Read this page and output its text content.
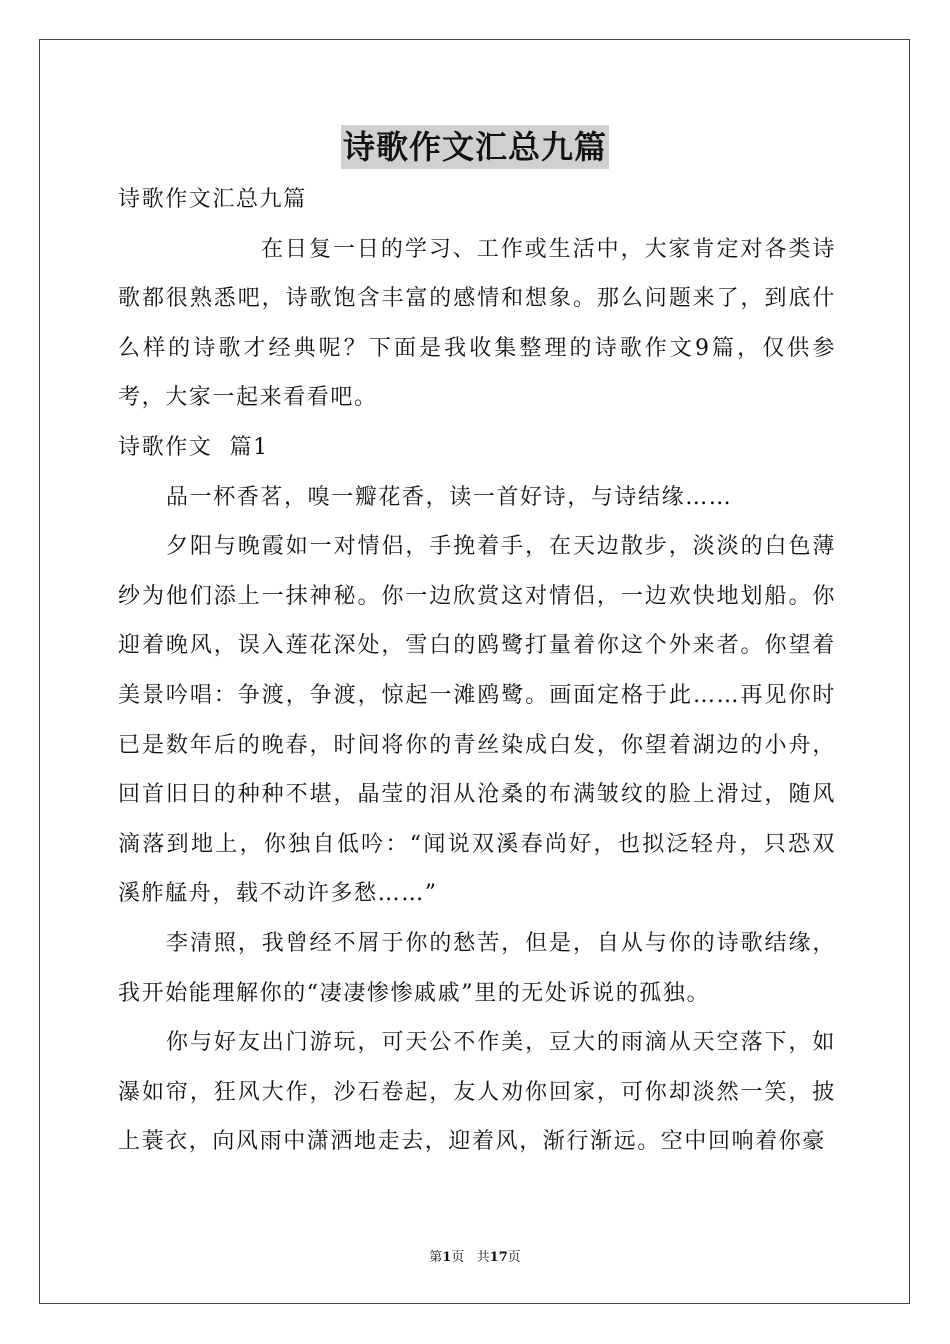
诗歌作文汇总九篇

诗歌作文汇总九篇

在日复一日的学习、工作或生活中，大家肯定对各类诗歌都很熟悉吧，诗歌饱含丰富的感情和想象。那么问题来了，到底什么样的诗歌才经典呢？下面是我收集整理的诗歌作文9篇，仅供参考，大家一起来看看吧。

诗歌作文  篇1

品一杯香茗，嗅一瓣花香，读一首好诗，与诗结缘……

夕阳与晚霞如一对情侣，手挽着手，在天边散步，淡淡的白色薄纱为他们添上一抹神秘。你一边欣赏这对情侣，一边欢快地划船。你迎着晚风，误入莲花深处，雪白的鸥鹭打量着你这个外来者。你望着美景吟唱：争渡，争渡，惊起一滩鸥鹭。画面定格于此……再见你时已是数年后的晚春，时间将你的青丝染成白发，你望着湖边的小舟，回首旧日的种种不堪，晶莹的泪从沧桑的布满皱纹的脸上滑过，随风滴落到地上，你独自低吟：“闻说双溪春尚好，也拟泛轻舟，只恐双溪舴艋舟，载不动许多愁……”

李清照，我曾经不屑于你的愁苦，但是，自从与你的诗歌结缘，我开始能理解你的“凄凄惨惨戚戚”里的无处诉说的孤独。

你与好友出门游玩，可天公不作美，豆大的雨滴从天空落下，如瀑如帘，狂风大作，沙石卷起，友人劝你回家，可你却淡然一笑，披上蓑衣，向风雨中潇洒地走去，迎着风，渐行渐远。空中回响着你豪

第1页   共17页
